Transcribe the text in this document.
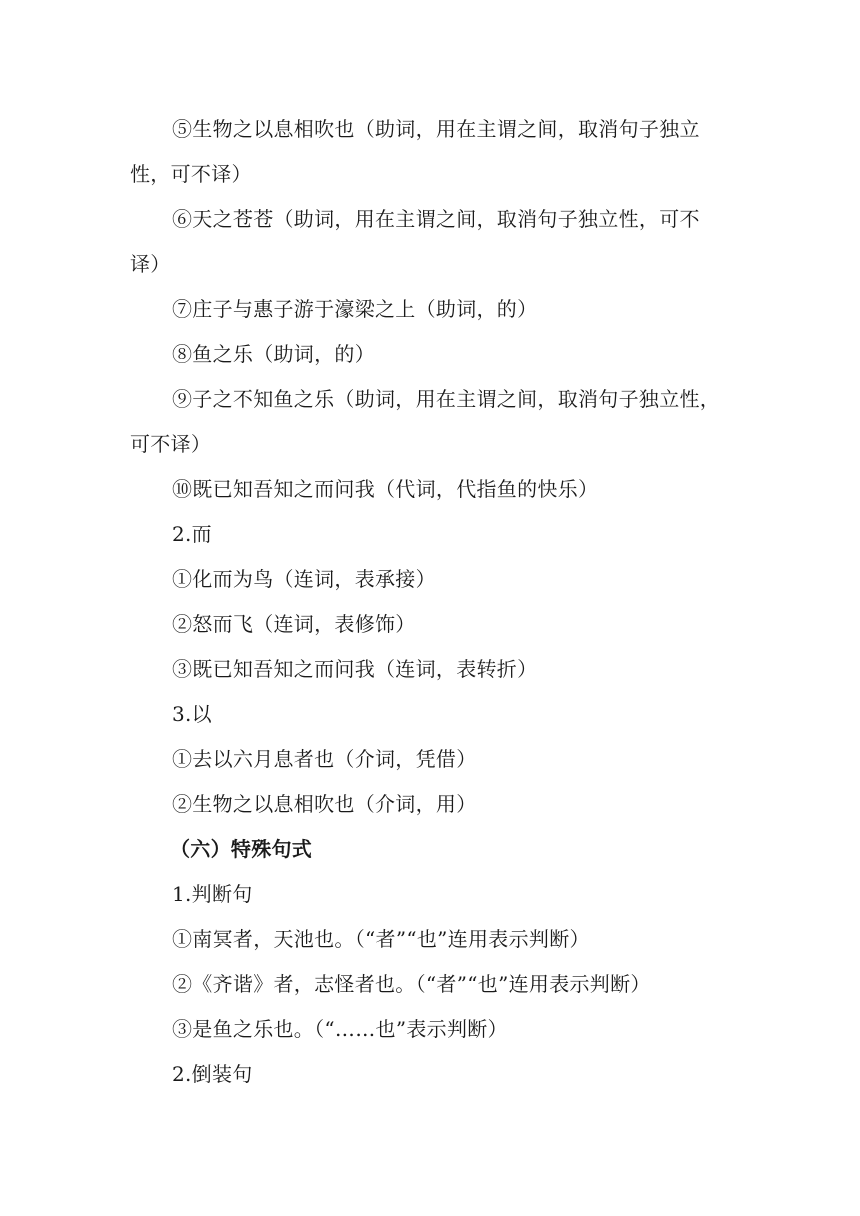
⑤生物之以息相吹也（助词，用在主谓之间，取消句子独立
性，可不译）
⑥天之苍苍（助词，用在主谓之间，取消句子独立性，可不
译）
⑦庄子与惠子游于濠梁之上（助词，的）
⑧鱼之乐（助词，的）
⑨子之不知鱼之乐（助词，用在主谓之间，取消句子独立性，
可不译）
⑩既已知吾知之而问我（代词，代指鱼的快乐）
2.而
①化而为鸟（连词，表承接）
②怒而飞（连词，表修饰）
③既已知吾知之而问我（连词，表转折）
3.以
①去以六月息者也（介词，凭借）
②生物之以息相吹也（介词，用）
（六）特殊句式
1.判断句
①南冥者，天池也。（“者”“也”连用表示判断）
②《齐谐》者，志怪者也。（“者”“也”连用表示判断）
③是鱼之乐也。（“……也”表示判断）
2.倒装句
